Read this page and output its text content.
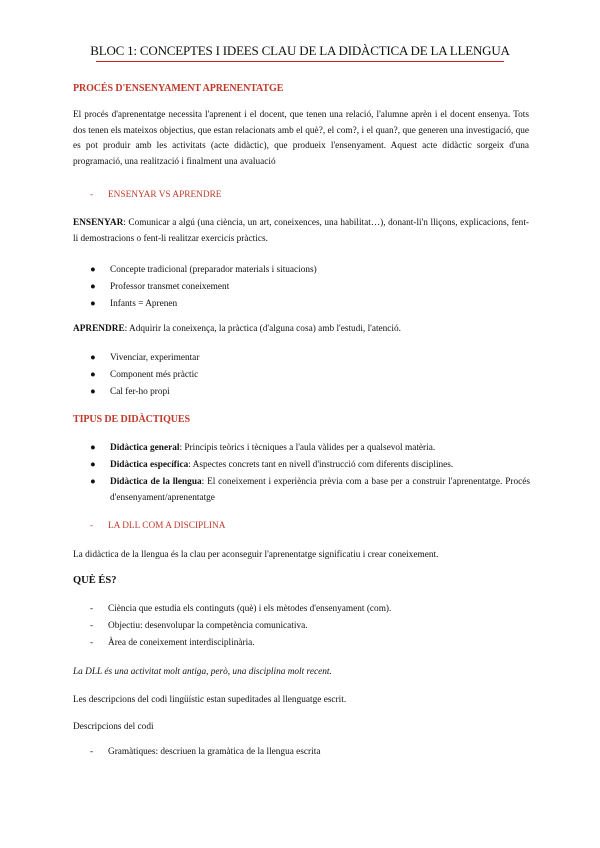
BLOC 1: CONCEPTES I IDEES CLAU DE LA DIDÀCTICA DE LA LLENGUA
PROCÉS D'ENSENYAMENT APRENENTATGE
El procés d'aprenentatge necessita l'aprenent i el docent, que tenen una relació, l'alumne aprèn i el docent ensenya. Tots dos tenen els mateixos objectius, que estan relacionats amb el què?, el com?, i el quan?, que generen una investigació, que es pot produir amb les activitats (acte didàctic), que produeix l'ensenyament. Aquest acte didàctic sorgeix d'una programació, una realització i finalment una avaluació
- ENSENYAR VS APRENDRE
ENSENYAR: Comunicar a algú (una ciència, un art, coneixences, una habilitat…), donant-li'n lliçons, explicacions, fent-li demostracions o fent-li realitzar exercicis pràctics.
●	Concepte tradicional (preparador materials i situacions)
●	Professor transmet coneixement
●	Infants = Aprenen
APRENDRE: Adquirir la coneixença, la pràctica (d'alguna cosa) amb l'estudi, l'atenció.
●	Vivenciar, experimentar
●	Component més pràctic
●	Cal fer-ho propi
TIPUS DE DIDÀCTIQUES
●	Didàctica general: Principis teòrics i tècniques a l'aula vàlides per a qualsevol matèria.
●	Didàctica específica: Aspectes concrets tant en nivell d'instrucció com diferents disciplines.
●	Didàctica de la llengua: El coneixement i experiència prèvia com a base per a construir l'aprenentatge. Procés d'ensenyament/aprenentatge
- LA DLL COM A DISCIPLINA
La didàctica de la llengua és la clau per aconseguir l'aprenentatge significatiu i crear coneixement.
QUÈ ÉS?
- Ciència que estudia els continguts (què) i els mètodes d'ensenyament (com).
- Objectiu: desenvolupar la competència comunicativa.
- Àrea de coneixement interdisciplinària.
La DLL és una activitat molt antiga, però, una disciplina molt recent.
Les descripcions del codi lingüístic estan supeditades al llenguatge escrit.
Descripcions del codi
- Gramàtiques: descriuen la gramàtica de la llengua escrita
